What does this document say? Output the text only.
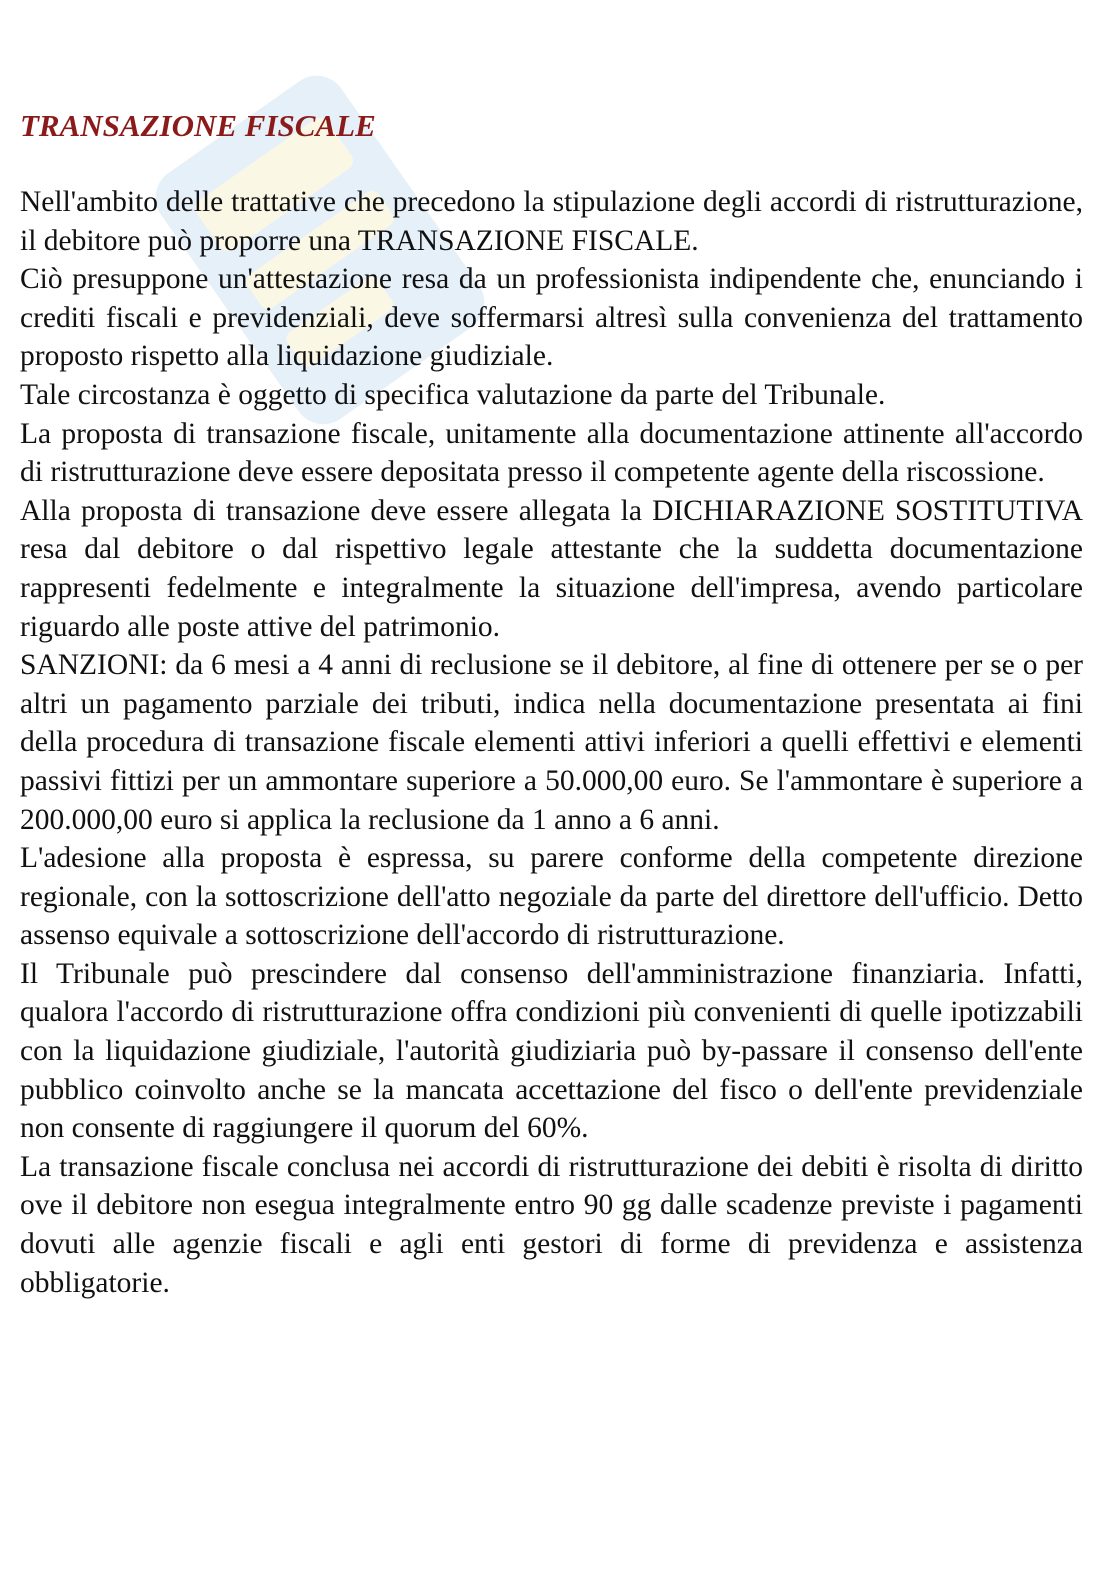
TRANSAZIONE FISCALE

Nell'ambito delle trattative che precedono la stipulazione degli accordi di ristrutturazione, il debitore può proporre una TRANSAZIONE FISCALE.

Ciò presuppone un'attestazione resa da un professionista indipendente che, enunciando i crediti fiscali e previdenziali, deve soffermarsi altresì sulla convenienza del trattamento proposto rispetto alla liquidazione giudiziale.

Tale circostanza è oggetto di specifica valutazione da parte del Tribunale.

La proposta di transazione fiscale, unitamente alla documentazione attinente all'accordo di ristrutturazione deve essere depositata presso il competente agente della riscossione.

Alla proposta di transazione deve essere allegata la DICHIARAZIONE SOSTITUTIVA resa dal debitore o dal rispettivo legale attestante che la suddetta documentazione rappresenti fedelmente e integralmente la situazione dell'impresa, avendo particolare riguardo alle poste attive del patrimonio.

SANZIONI: da 6 mesi a 4 anni di reclusione se il debitore, al fine di ottenere per se o per altri un pagamento parziale dei tributi, indica nella documentazione presentata ai fini della procedura di transazione fiscale elementi attivi inferiori a quelli effettivi e elementi passivi fittizi per un ammontare superiore a 50.000,00 euro. Se l'ammontare è superiore a 200.000,00 euro si applica la reclusione da 1 anno a 6 anni.

L'adesione alla proposta è espressa, su parere conforme della competente direzione regionale, con la sottoscrizione dell'atto negoziale da parte del direttore dell'ufficio. Detto assenso equivale a sottoscrizione dell'accordo di ristrutturazione.

Il Tribunale può prescindere dal consenso dell'amministrazione finanziaria. Infatti, qualora l'accordo di ristrutturazione offra condizioni più convenienti di quelle ipotizzabili con la liquidazione giudiziale, l'autorità giudiziaria può by-passare il consenso dell'ente pubblico coinvolto anche se la mancata accettazione del fisco o dell'ente previdenziale non consente di raggiungere il quorum del 60%.

La transazione fiscale conclusa nei accordi di ristrutturazione dei debiti è risolta di diritto ove il debitore non esegua integralmente entro 90 gg dalle scadenze previste i pagamenti dovuti alle agenzie fiscali e agli enti gestori di forme di previdenza e assistenza obbligatorie.
